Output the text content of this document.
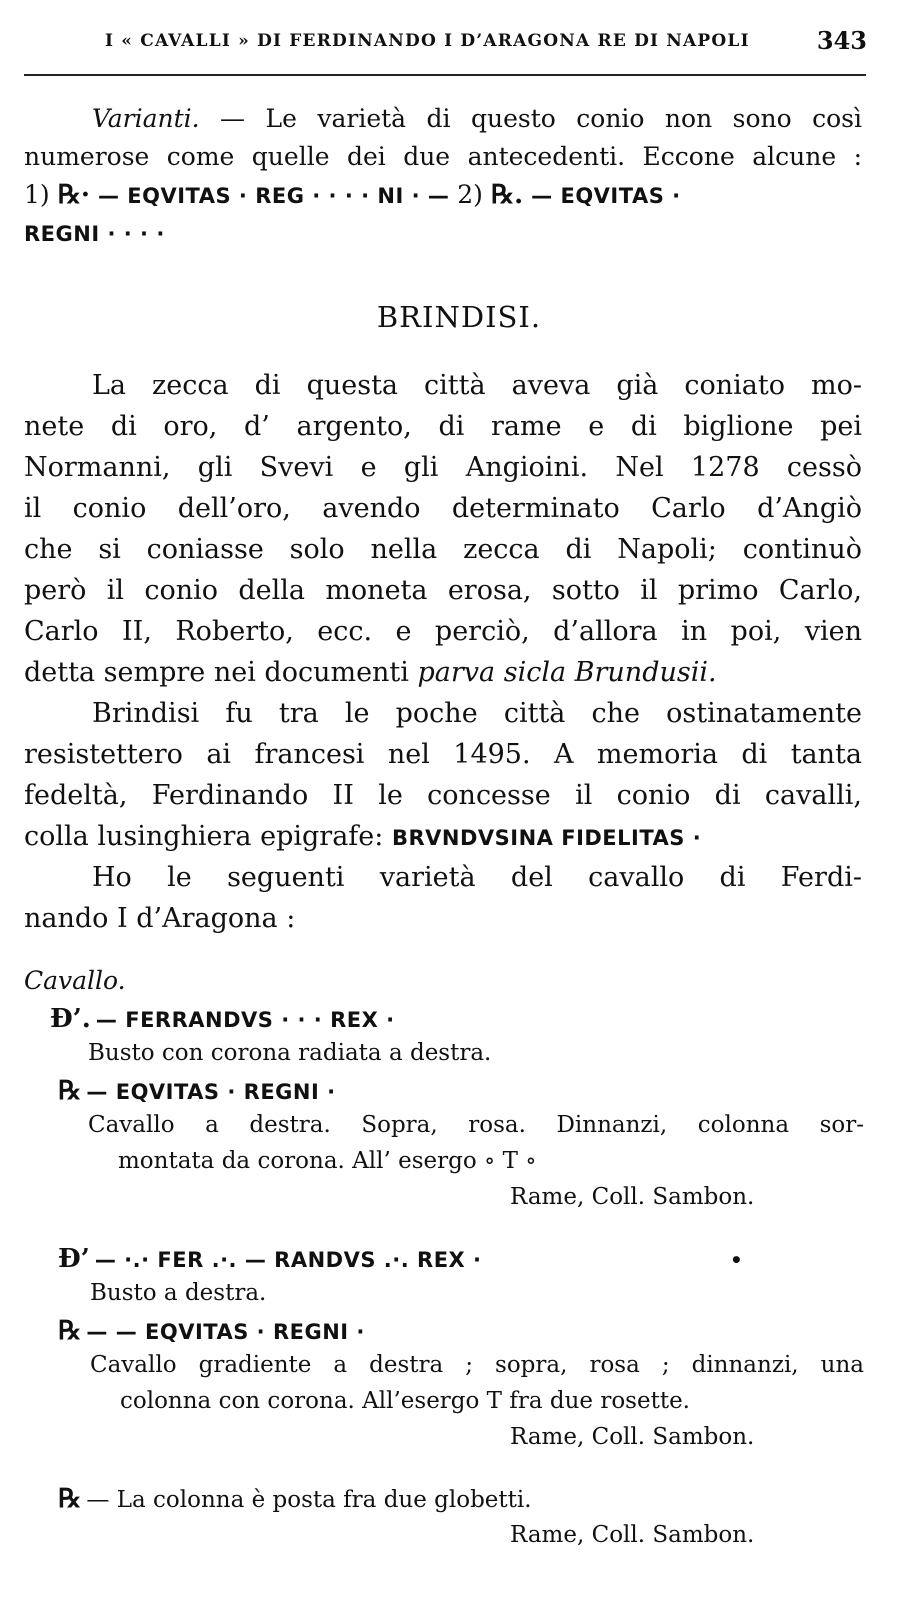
I « CAVALLI » DI FERDINANDO I D’ARAGONA RE DI NAPOLI	343
Varianti. — Le varietà di questo conio non sono così
numerose come quelle dei due antecedenti. Eccone alcune :
1) ℞· — EQVITAS · REG · · · · NI · — 2) ℞. — EQVITAS ·
REGNI · · · ·
BRINDISI.
La zecca di questa città aveva già coniato mo-
nete di oro, d’ argento, di rame e di biglione pei
Normanni, gli Svevi e gli Angioini. Nel 1278 cessò
il conio dell’oro, avendo determinato Carlo d’Angiò
che si coniasse solo nella zecca di Napoli; continuò
però il conio della moneta erosa, sotto il primo Carlo,
Carlo II, Roberto, ecc. e perciò, d’allora in poi, vien
detta sempre nei documenti parva sicla Brundusii.
Brindisi fu tra le poche città che ostinatamente
resistettero ai francesi nel 1495. A memoria di tanta
fedeltà, Ferdinando II le concesse il conio di cavalli,
colla lusinghiera epigrafe: BRVNDVSINA FIDELITAS ·
Ho le seguenti varietà del cavallo di Ferdi-
nando I d’Aragona :
Cavallo.
Đ’. — FERRANDVS · · · REX ·
Busto con corona radiata a destra.
℞ — EQVITAS · REGNI ·
Cavallo a destra. Sopra, rosa. Dinnanzi, colonna sor-
montata da corona. All’ esergo ∘ T ∘
Rame, Coll. Sambon.
Đ’ — ·.· FER .·. — RANDVS .·. REX ·	•
Busto a destra.
℞ — — EQVITAS · REGNI ·
Cavallo gradiente a destra ; sopra, rosa ; dinnanzi, una
colonna con corona. All’esergo T fra due rosette.
Rame, Coll. Sambon.
℞ — La colonna è posta fra due globetti.
Rame, Coll. Sambon.
